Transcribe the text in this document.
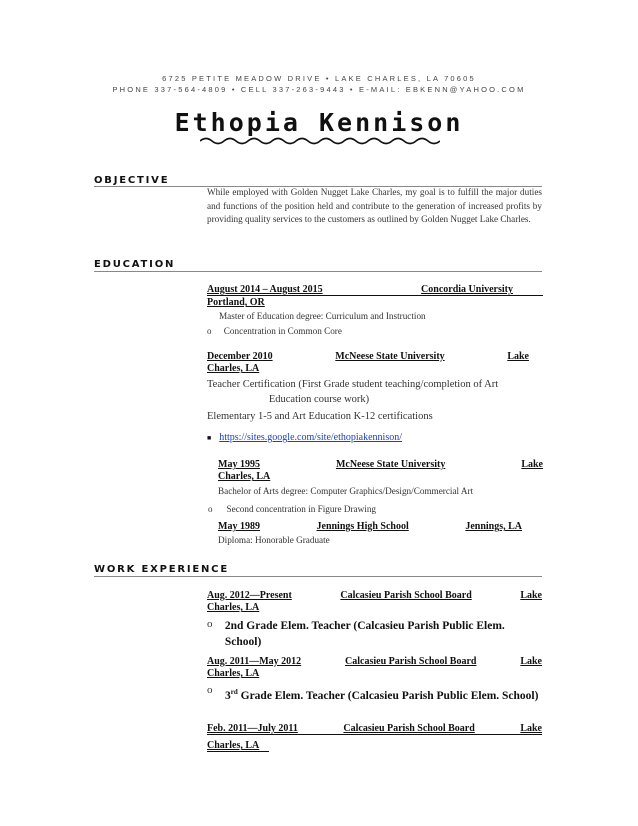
6725 PETITE MEADOW DRIVE • LAKE CHARLES, LA 70605
PHONE 337-564-4809 • CELL 337-263-9443 • E-MAIL: EBKENN@YAHOO.COM
Ethopia Kennison
OBJECTIVE
While employed with Golden Nugget Lake Charles, my goal is to fulfill the major duties and functions of the position held and contribute to the generation of increased profits by providing quality services to the customers as outlined by Golden Nugget Lake Charles.
EDUCATION
August 2014 – August 2015	Concordia University
Portland, OR
Master of Education degree: Curriculum and Instruction
o Concentration in Common Core
December 2010	McNeese State University	Lake
Charles, LA
Teacher Certification (First Grade student teaching/completion of Art
Education course work)
Elementary 1-5 and Art Education K-12 certifications
■ https://sites.google.com/site/ethopiakennison/
May 1995	McNeese State University	Lake
Charles, LA
Bachelor of Arts degree: Computer Graphics/Design/Commercial Art
o Second concentration in Figure Drawing
May 1989	Jennings High School	Jennings, LA
Diploma: Honorable Graduate
WORK EXPERIENCE
Aug. 2012—Present	Calcasieu Parish School Board	Lake
Charles, LA
o	2nd Grade Elem. Teacher (Calcasieu Parish Public Elem. School)
Aug. 2011—May 2012	Calcasieu Parish School Board	Lake
Charles, LA
o	3rd Grade Elem. Teacher (Calcasieu Parish Public Elem. School)
Feb. 2011—July 2011	Calcasieu Parish School Board	Lake
Charles, LA
